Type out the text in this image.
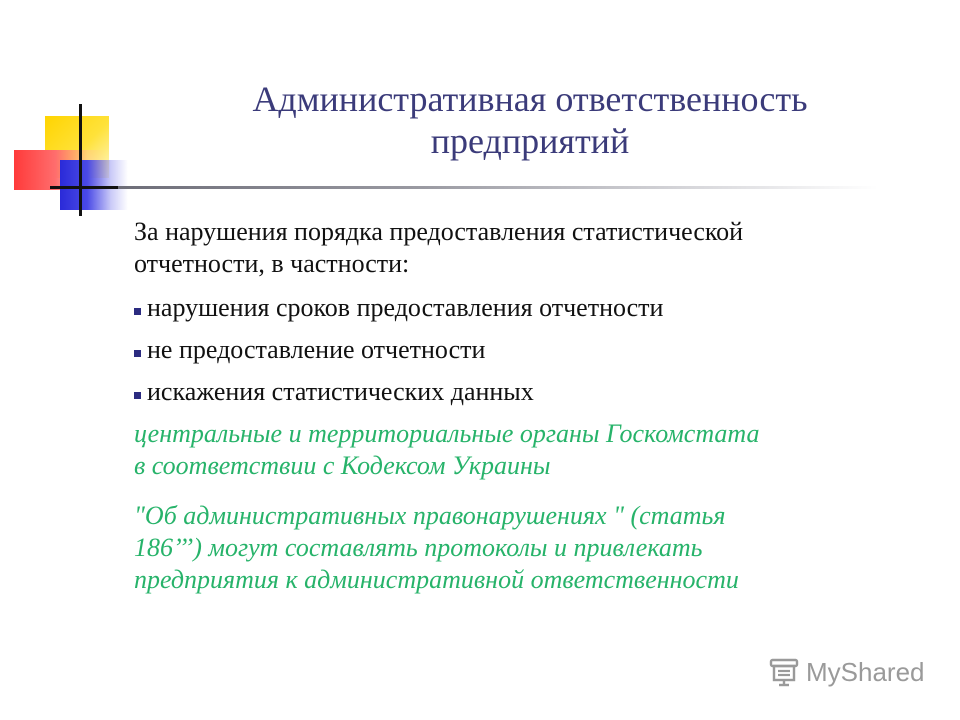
Административная ответственность
предприятий

За нарушения порядка предоставления статистической
отчетности, в частности:

нарушения сроков предоставления отчетности
не предоставление отчетности
искажения статистических данных

центральные и территориальные органы Госкомстата
в соответствии с Кодексом Украины

"Об административных правонарушениях " (статья
186’’’) могут составлять протоколы и привлекать
предприятия к административной ответственности

MyShared
